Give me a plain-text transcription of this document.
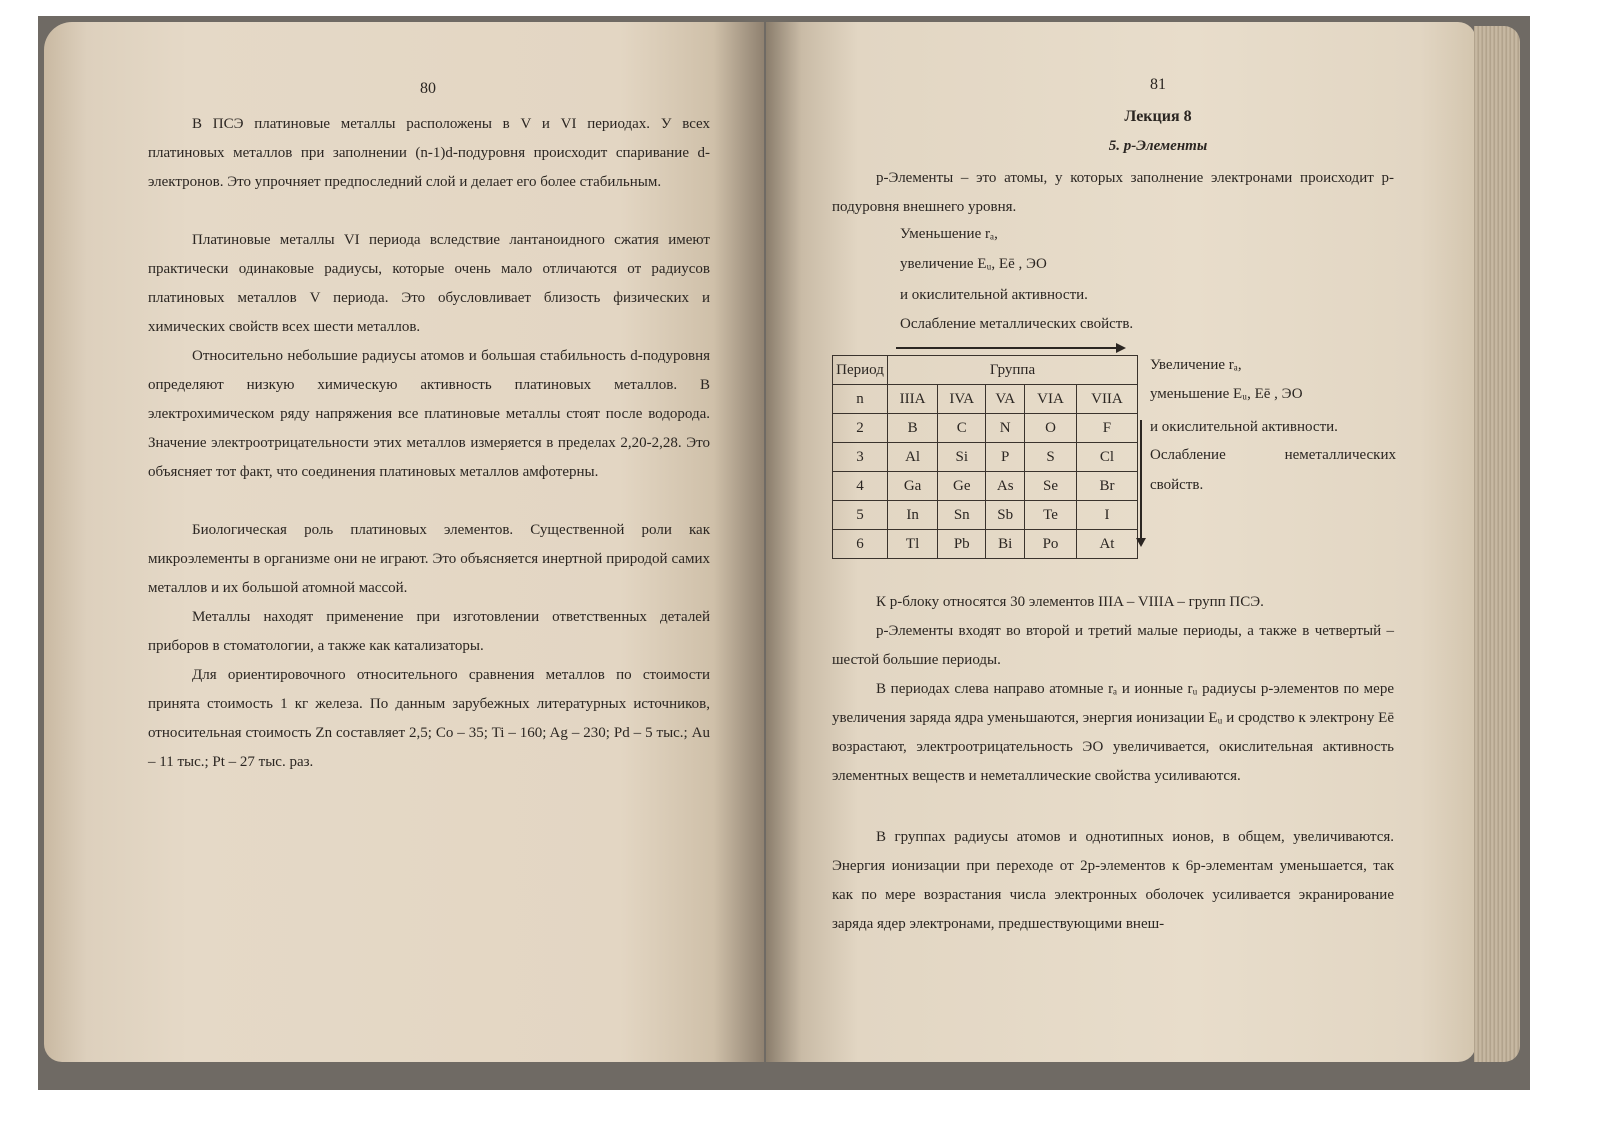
80

В ПСЭ платиновые металлы расположены в V и VI периодах. У всех платиновых металлов при заполнении (n-1)d-подуровня происходит спаривание d-электронов. Это упрочняет предпоследний слой и делает его более стабильным.

Платиновые металлы VI периода вследствие лантаноидного сжатия имеют практически одинаковые радиусы, которые очень мало отличаются от радиусов платиновых металлов V периода. Это обусловливает близость физических и химических свойств всех шести металлов.

Относительно небольшие радиусы атомов и большая стабильность d-подуровня определяют низкую химическую активность платиновых металлов. В электрохимическом ряду напряжения все платиновые металлы стоят после водорода. Значение электроотрицательности этих металлов измеряется в пределах 2,20-2,28. Это объясняет тот факт, что соединения платиновых металлов амфотерны.

Биологическая роль платиновых элементов. Существенной роли как микроэлементы в организме они не играют. Это объясняется инертной природой самих металлов и их большой атомной массой.

Металлы находят применение при изготовлении ответственных деталей приборов в стоматологии, а также как катализаторы.

Для ориентировочного относительного сравнения металлов по стоимости принята стоимость 1 кг железа. По данным зарубежных литературных источников, относительная стоимость Zn составляет 2,5; Co – 35; Ti – 160; Ag – 230; Pd – 5 тыс.; Au – 11 тыс.; Pt – 27 тыс. раз.

81
Лекция 8
5. р-Элементы

р-Элементы – это атомы, у которых заполнение электронами происходит р-подуровня внешнего уровня.

Уменьшение rₐ,
увеличение Eᵤ, Eē , ЭО
и окислительной активности.
Ослабление металлических свойств.
Период	Группа				
n	IIIA	IVA	VA	VIA	VIIA
2	B	C	N	O	F
3	Al	Si	P	S	Cl
4	Ga	Ge	As	Se	Br
5	In	Sn	Sb	Te	I
6	Tl	Pb	Bi	Po	At
Увеличение rₐ,
уменьшение Eᵤ, Eē , ЭО
и окислительной активности.
Ослабление неметаллических свойств.

К р-блоку относятся 30 элементов IIIA – VIIIA – групп ПСЭ.

р-Элементы входят во второй и третий малые периоды, а также в четвертый – шестой большие периоды.

В периодах слева направо атомные rₐ и ионные rᵤ радиусы р-элементов по мере увеличения заряда ядра уменьшаются, энергия ионизации Eᵤ и сродство к электрону Eē возрастают, электроотрицательность ЭО увеличивается, окислительная активность элементных веществ и неметаллические свойства усиливаются.

В группах радиусы атомов и однотипных ионов, в общем, увеличиваются. Энергия ионизации при переходе от 2р-элементов к 6р-элементам уменьшается, так как по мере возрастания числа электронных оболочек усиливается экранирование заряда ядер электронами, предшествующими внеш-
